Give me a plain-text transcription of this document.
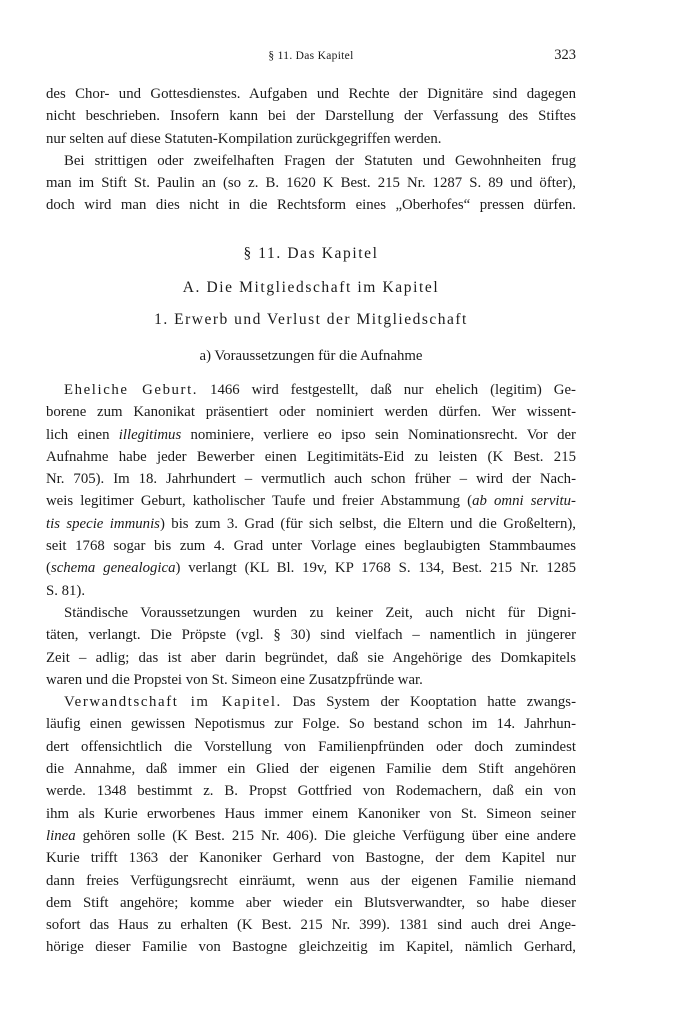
§ 11. Das Kapitel	323
des Chor- und Gottesdienstes. Aufgaben und Rechte der Dignitäre sind dagegen
nicht beschrieben. Insofern kann bei der Darstellung der Verfassung des Stiftes
nur selten auf diese Statuten-Kompilation zurückgegriffen werden.
Bei strittigen oder zweifelhaften Fragen der Statuten und Gewohnheiten frug
man im Stift St. Paulin an (so z. B. 1620 K Best. 215 Nr. 1287 S. 89 und öfter),
doch wird man dies nicht in die Rechtsform eines „Oberhofes“ pressen dürfen.
§ 11. Das Kapitel
A. Die Mitgliedschaft im Kapitel
1. Erwerb und Verlust der Mitgliedschaft
a) Voraussetzungen für die Aufnahme
Eheliche Geburt. 1466 wird festgestellt, daß nur ehelich (legitim) Ge-
borene zum Kanonikat präsentiert oder nominiert werden dürfen. Wer wissent-
lich einen illegitimus nominiere, verliere eo ipso sein Nominationsrecht. Vor der
Aufnahme habe jeder Bewerber einen Legitimitäts-Eid zu leisten (K Best. 215
Nr. 705). Im 18. Jahrhundert – vermutlich auch schon früher – wird der Nach-
weis legitimer Geburt, katholischer Taufe und freier Abstammung (ab omni servitu-
tis specie immunis) bis zum 3. Grad (für sich selbst, die Eltern und die Großeltern),
seit 1768 sogar bis zum 4. Grad unter Vorlage eines beglaubigten Stammbaumes
(schema genealogica) verlangt (KL Bl. 19v, KP 1768 S. 134, Best. 215 Nr. 1285
S. 81).
Ständische Voraussetzungen wurden zu keiner Zeit, auch nicht für Digni-
täten, verlangt. Die Pröpste (vgl. § 30) sind vielfach – namentlich in jüngerer
Zeit – adlig; das ist aber darin begründet, daß sie Angehörige des Domkapitels
waren und die Propstei von St. Simeon eine Zusatzpfründe war.
Verwandtschaft im Kapitel. Das System der Kooptation hatte zwangs-
läufig einen gewissen Nepotismus zur Folge. So bestand schon im 14. Jahrhun-
dert offensichtlich die Vorstellung von Familienpfründen oder doch zumindest
die Annahme, daß immer ein Glied der eigenen Familie dem Stift angehören
werde. 1348 bestimmt z. B. Propst Gottfried von Rodemachern, daß ein von
ihm als Kurie erworbenes Haus immer einem Kanoniker von St. Simeon seiner
linea gehören solle (K Best. 215 Nr. 406). Die gleiche Verfügung über eine andere
Kurie trifft 1363 der Kanoniker Gerhard von Bastogne, der dem Kapitel nur
dann freies Verfügungsrecht einräumt, wenn aus der eigenen Familie niemand
dem Stift angehöre; komme aber wieder ein Blutsverwandter, so habe dieser
sofort das Haus zu erhalten (K Best. 215 Nr. 399). 1381 sind auch drei Ange-
hörige dieser Familie von Bastogne gleichzeitig im Kapitel, nämlich Gerhard,
